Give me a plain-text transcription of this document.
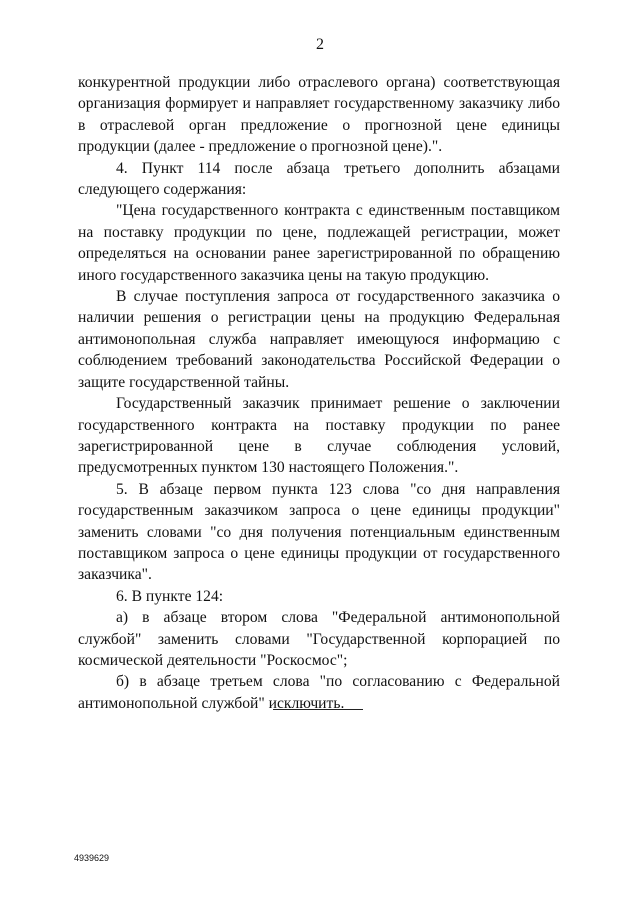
2

конкурентной продукции либо отраслевого органа) соответствующая организация формирует и направляет государственному заказчику либо в отраслевой орган предложение о прогнозной цене единицы продукции (далее - предложение о прогнозной цене).".

4. Пункт 114 после абзаца третьего дополнить абзацами следующего содержания:

"Цена государственного контракта с единственным поставщиком на поставку продукции по цене, подлежащей регистрации, может определяться на основании ранее зарегистрированной по обращению иного государственного заказчика цены на такую продукцию.

В случае поступления запроса от государственного заказчика о наличии решения о регистрации цены на продукцию Федеральная антимонопольная служба направляет имеющуюся информацию с соблюдением требований законодательства Российской Федерации о защите государственной тайны.

Государственный заказчик принимает решение о заключении государственного контракта на поставку продукции по ранее зарегистрированной цене в случае соблюдения условий, предусмотренных пунктом 130 настоящего Положения.".

5. В абзаце первом пункта 123 слова "со дня направления государственным заказчиком запроса о цене единицы продукции" заменить словами "со дня получения потенциальным единственным поставщиком запроса о цене единицы продукции от государственного заказчика".

6. В пункте 124:

а) в абзаце втором слова "Федеральной антимонопольной службой" заменить словами "Государственной корпорацией по космической деятельности "Роскосмос";

б) в абзаце третьем слова "по согласованию с Федеральной антимонопольной службой" исключить.

4939629
